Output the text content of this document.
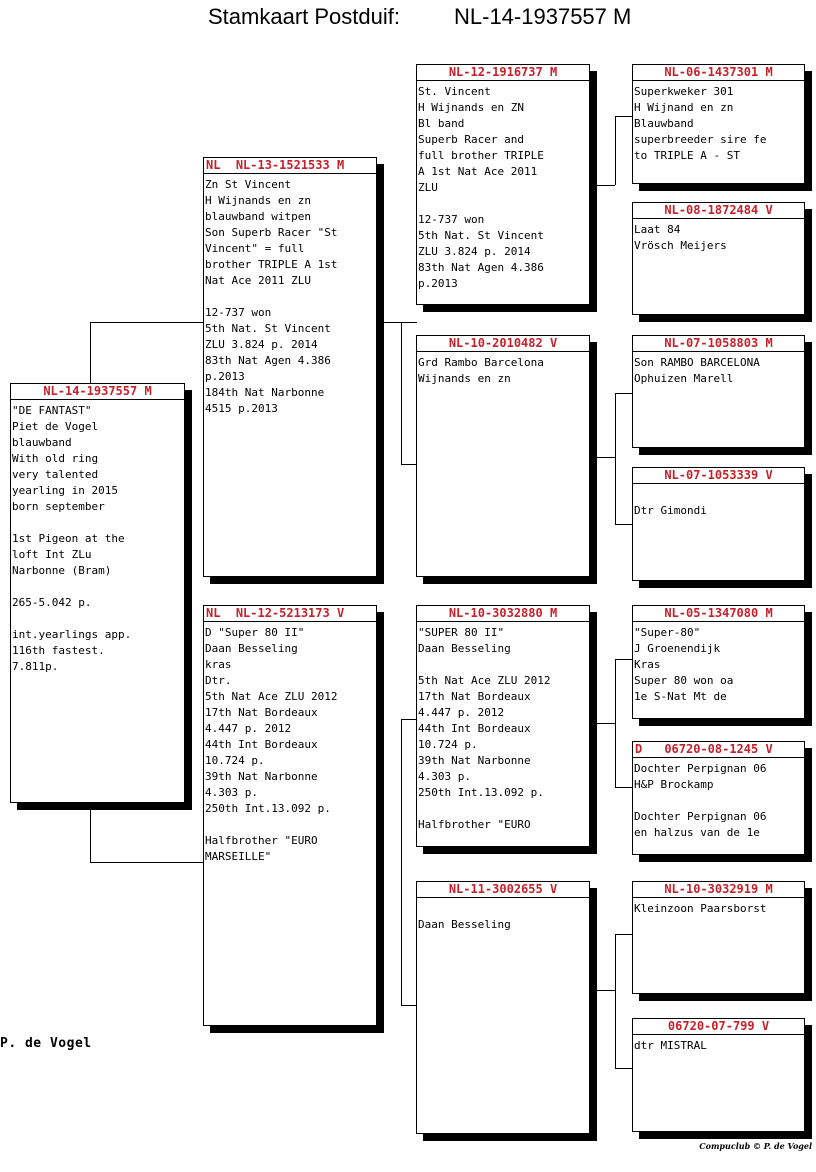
Stamkaart Postduif: NL-14-1937557 M
NL-14-1937557 M
"DE FANTAST"
Piet de Vogel
blauwband
With old ring
very talented
yearling in 2015
born september

1st Pigeon at the
loft Int ZLu
Narbonne (Bram)

265-5.042 p.

int.yearlings app.
116th fastest.
7.811p.
NL NL-13-1521533 M
Zn St Vincent
H Wijnands en zn
blauwband witpen
Son Superb Racer "St
Vincent" = full
brother TRIPLE A 1st
Nat Ace 2011 ZLU

12-737 won
5th Nat. St Vincent
ZLU 3.824 p. 2014
83th Nat Agen 4.386
p.2013
184th Nat Narbonne
4515 p.2013
NL NL-12-5213173 V
D "Super 80 II"
Daan Besseling
kras
Dtr.
5th Nat Ace ZLU 2012
17th Nat Bordeaux
4.447 p. 2012
44th Int Bordeaux
10.724 p.
39th Nat Narbonne
4.303 p.
250th Int.13.092 p.

Halfbrother "EURO
MARSEILLE"
NL-12-1916737 M
St. Vincent
H Wijnands en ZN
Bl band
Superb Racer and
full brother TRIPLE
A 1st Nat Ace 2011
ZLU

12-737 won
5th Nat. St Vincent
ZLU 3.824 p. 2014
83th Nat Agen 4.386
p.2013
NL-10-2010482 V
Grd Rambo Barcelona
Wijnands en zn
NL-10-3032880 M
"SUPER 80 II"
Daan Besseling

5th Nat Ace ZLU 2012
17th Nat Bordeaux
4.447 p. 2012
44th Int Bordeaux
10.724 p.
39th Nat Narbonne
4.303 p.
250th Int.13.092 p.

Halfbrother "EURO
NL-11-3002655 V

Daan Besseling
NL-06-1437301 M
Superkweker 301
H Wijnand en zn
Blauwband
superbreeder sire fe
to TRIPLE A - ST
NL-08-1872484 V
Laat 84
Vrösch Meijers
NL-07-1058803 M
Son RAMBO BARCELONA
Ophuizen Marell
NL-07-1053339 V

Dtr Gimondi
NL-05-1347080 M
"Super-80"
J Groenendijk
Kras
Super 80 won oa
1e S-Nat Mt de
D 06720-08-1245 V
Dochter Perpignan 06
H&P Brockamp

Dochter Perpignan 06
en halzus van de 1e
NL-10-3032919 M
Kleinzoon Paarsborst
06720-07-799 V
dtr MISTRAL
P. de Vogel
Compuclub © P. de Vogel
